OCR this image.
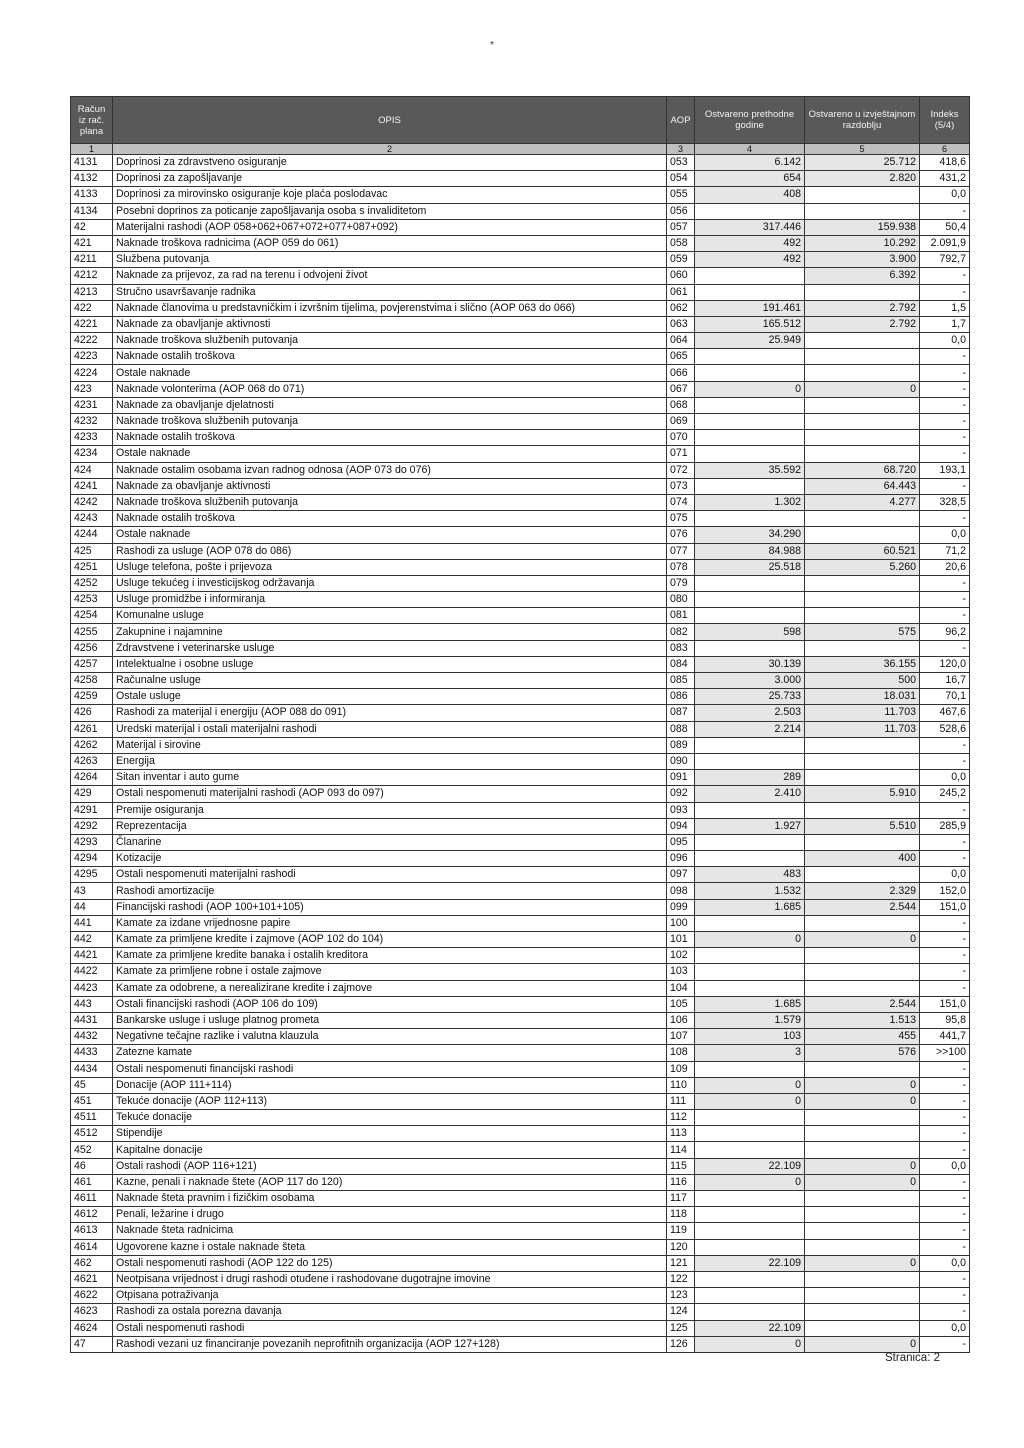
*
Račun iz rač. plana	OPIS	AOP	Ostvareno prethodne godine	Ostvareno u izvještajnom razdoblju	Indeks (5/4)
1	2	3	4	5	6
4131	Doprinosi za zdravstveno osiguranje	053	6.142	25.712	418,6
4132	Doprinosi za zapošljavanje	054	654	2.820	431,2
4133	Doprinosi za mirovinsko osiguranje koje plaća poslodavac	055	408		0,0
4134	Posebni doprinos za poticanje zapošljavanja osoba s invaliditetom	056			-
42	Materijalni rashodi (AOP 058+062+067+072+077+087+092)	057	317.446	159.938	50,4
421	Naknade troškova radnicima (AOP 059 do 061)	058	492	10.292	2.091,9
4211	Službena putovanja	059	492	3.900	792,7
4212	Naknade za prijevoz, za rad na terenu i odvojeni život	060		6.392	-
4213	Stručno usavršavanje radnika	061			-
422	Naknade članovima u predstavničkim i izvršnim tijelima, povjerenstvima i slično (AOP 063 do 066)	062	191.461	2.792	1,5
4221	Naknade za obavljanje aktivnosti	063	165.512	2.792	1,7
4222	Naknade troškova službenih putovanja	064	25.949		0,0
4223	Naknade ostalih troškova	065			-
4224	Ostale naknade	066			-
423	Naknade volonterima (AOP 068 do 071)	067	0	0	-
4231	Naknade za obavljanje djelatnosti	068			-
4232	Naknade troškova službenih putovanja	069			-
4233	Naknade ostalih troškova	070			-
4234	Ostale naknade	071			-
424	Naknade ostalim osobama izvan radnog odnosa (AOP 073 do 076)	072	35.592	68.720	193,1
4241	Naknade za obavljanje aktivnosti	073		64.443	-
4242	Naknade troškova službenih putovanja	074	1.302	4.277	328,5
4243	Naknade ostalih troškova	075			-
4244	Ostale naknade	076	34.290		0,0
425	Rashodi za usluge (AOP 078 do 086)	077	84.988	60.521	71,2
4251	Usluge telefona, pošte i prijevoza	078	25.518	5.260	20,6
4252	Usluge tekućeg i investicijskog održavanja	079			-
4253	Usluge promidžbe i informiranja	080			-
4254	Komunalne usluge	081			-
4255	Zakupnine i najamnine	082	598	575	96,2
4256	Zdravstvene i veterinarske usluge	083			-
4257	Intelektualne i osobne usluge	084	30.139	36.155	120,0
4258	Računalne usluge	085	3.000	500	16,7
4259	Ostale usluge	086	25.733	18.031	70,1
426	Rashodi za materijal i energiju (AOP 088 do 091)	087	2.503	11.703	467,6
4261	Uredski materijal i ostali materijalni rashodi	088	2.214	11.703	528,6
4262	Materijal i sirovine	089			-
4263	Energija	090			-
4264	Sitan inventar i auto gume	091	289		0,0
429	Ostali nespomenuti materijalni rashodi (AOP 093 do 097)	092	2.410	5.910	245,2
4291	Premije osiguranja	093			-
4292	Reprezentacija	094	1.927	5.510	285,9
4293	Članarine	095			-
4294	Kotizacije	096		400	-
4295	Ostali nespomenuti materijalni rashodi	097	483		0,0
43	Rashodi amortizacije	098	1.532	2.329	152,0
44	Financijski rashodi (AOP 100+101+105)	099	1.685	2.544	151,0
441	Kamate za izdane vrijednosne papire	100			-
442	Kamate za primljene kredite i zajmove (AOP 102 do 104)	101	0	0	-
4421	Kamate za primljene kredite banaka i ostalih kreditora	102			-
4422	Kamate za primljene robne i ostale zajmove	103			-
4423	Kamate za odobrene, a nerealizirane kredite i zajmove	104			-
443	Ostali financijski rashodi (AOP 106 do 109)	105	1.685	2.544	151,0
4431	Bankarske usluge i usluge platnog prometa	106	1.579	1.513	95,8
4432	Negativne tečajne razlike i valutna klauzula	107	103	455	441,7
4433	Zatezne kamate	108	3	576	>>100
4434	Ostali nespomenuti financijski rashodi	109			-
45	Donacije (AOP 111+114)	110	0	0	-
451	Tekuće donacije (AOP 112+113)	111	0	0	-
4511	Tekuće donacije	112			-
4512	Stipendije	113			-
452	Kapitalne donacije	114			-
46	Ostali rashodi (AOP 116+121)	115	22.109	0	0,0
461	Kazne, penali i naknade štete (AOP 117 do 120)	116	0	0	-
4611	Naknade šteta pravnim i fizičkim osobama	117			-
4612	Penali, ležarine i drugo	118			-
4613	Naknade šteta radnicima	119			-
4614	Ugovorene kazne i ostale naknade šteta	120			-
462	Ostali nespomenuti rashodi (AOP 122 do 125)	121	22.109	0	0,0
4621	Neotpisana vrijednost i drugi rashodi otuđene i rashodovane dugotrajne imovine	122			-
4622	Otpisana potraživanja	123			-
4623	Rashodi za ostala porezna davanja	124			-
4624	Ostali nespomenuti rashodi	125	22.109		0,0
47	Rashodi vezani uz financiranje povezanih neprofitnih organizacija (AOP 127+128)	126	0	0	-
Stranica: 2
